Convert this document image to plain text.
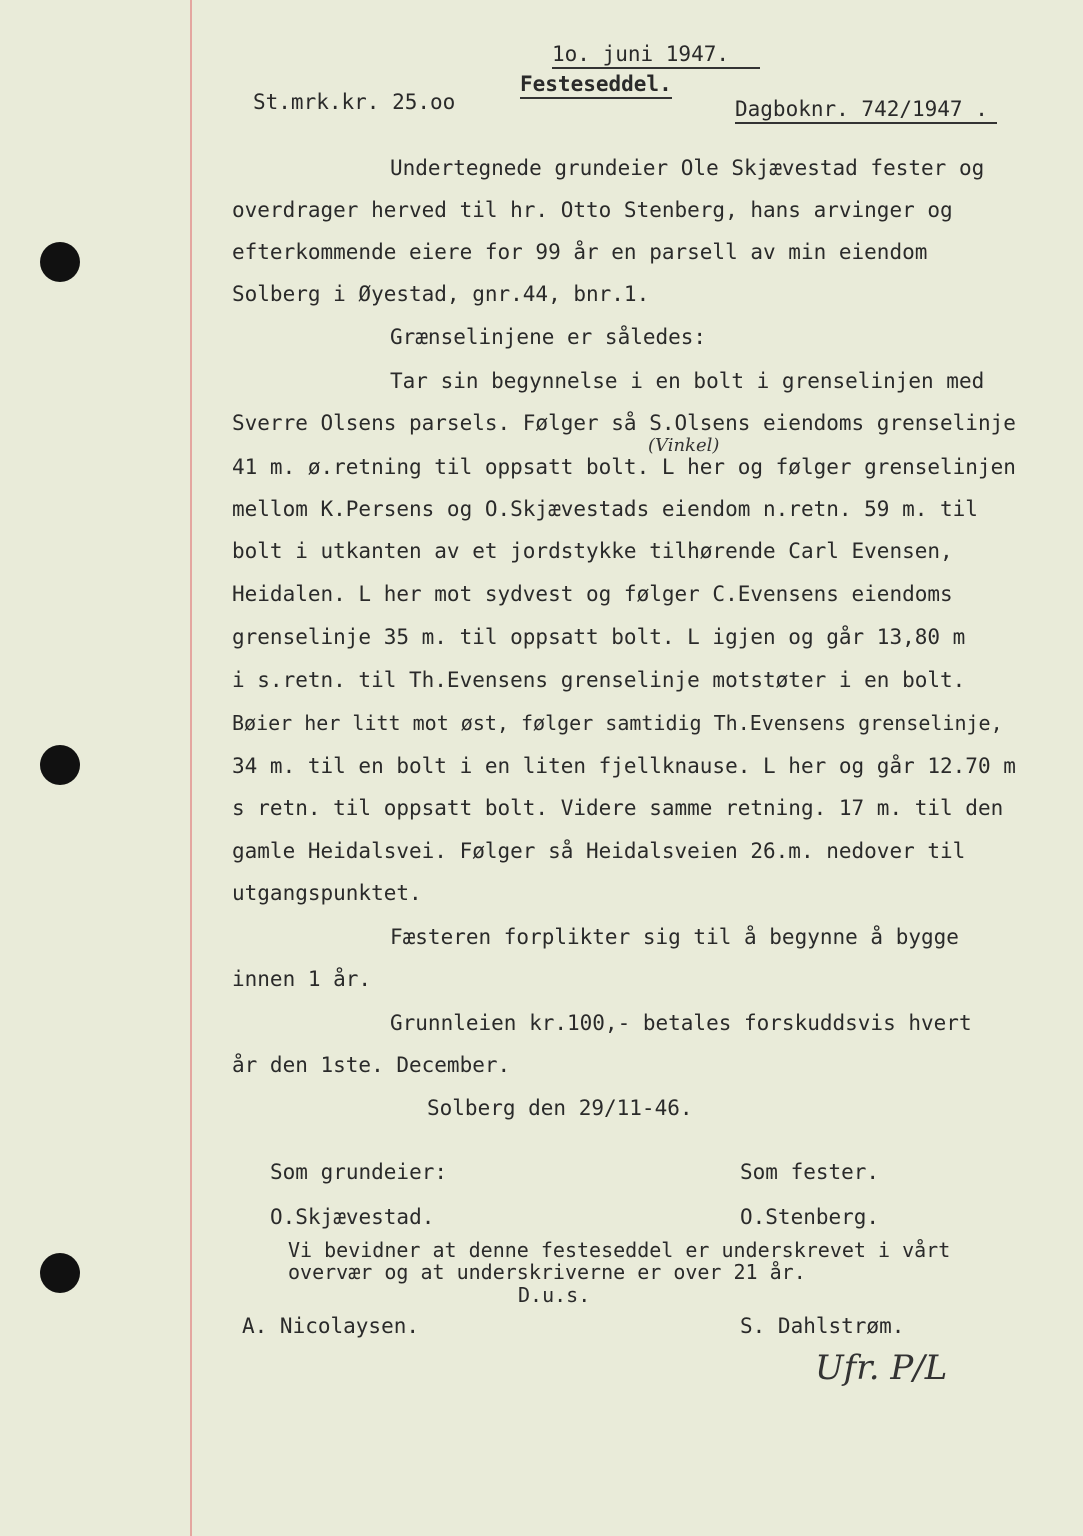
1o. juni 1947.
Festeseddel.
St.mrk.kr. 25.oo	Dagboknr. 742/1947 .
Undertegnede grundeier Ole Skjævestad fester og
overdrager herved til hr. Otto Stenberg, hans arvinger og
efterkommende eiere for 99 år en parsell av min eiendom
Solberg i Øyestad, gnr.44, bnr.1.
Grænselinjene er således:
Tar sin begynnelse i en bolt i grenselinjen med
Sverre Olsens parsels. Følger så S.Olsens eiendoms grenselinje
(Vinkel)
41 m. ø.retning til oppsatt bolt. L her og følger grenselinjen
mellom K.Persens og O.Skjævestads eiendom n.retn. 59 m. til
bolt i utkanten av et jordstykke tilhørende Carl Evensen,
Heidalen. L her mot sydvest og følger C.Evensens eiendoms
grenselinje 35 m. til oppsatt bolt. L igjen og går 13,80 m
i s.retn. til Th.Evensens grenselinje motstøter i en bolt.
Bøier her litt mot øst, følger samtidig Th.Evensens grenselinje,
34 m. til en bolt i en liten fjellknause. L her og går 12.70 m
s retn. til oppsatt bolt. Videre samme retning. 17 m. til den
gamle Heidalsvei. Følger så Heidalsveien 26.m. nedover til
utgangspunktet.
Fæsteren forplikter sig til å begynne å bygge
innen 1 år.
Grunnleien kr.100,- betales forskuddsvis hvert
år den 1ste. December.
Solberg den 29/11-46.
Som grundeier:	Som fester.
O.Skjævestad.	O.Stenberg.
Vi bevidner at denne festeseddel er underskrevet i vårt
overvær og at underskriverne er over 21 år.
D.u.s.
A. Nicolaysen.	S. Dahlstrøm.
Ufr. P/L
